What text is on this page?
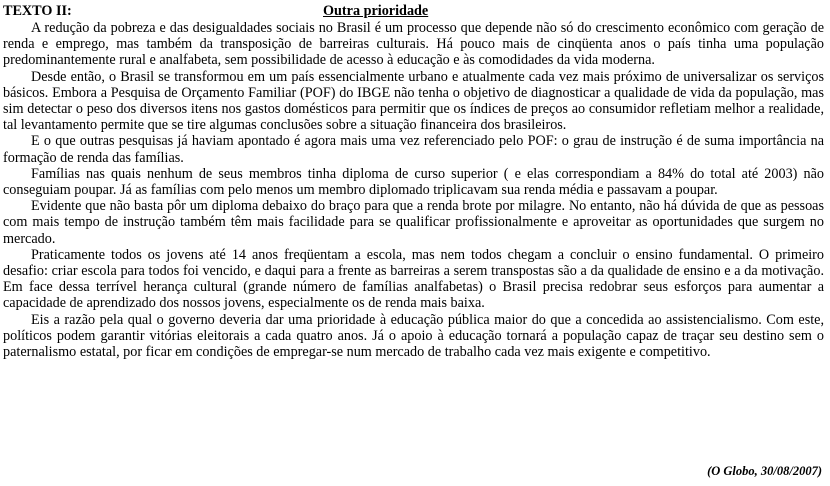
TEXTO II:	Outra prioridade

A redução da pobreza e das desigualdades sociais no Brasil é um processo que depende não só do crescimento econômico com geração de renda e emprego, mas também da transposição de barreiras culturais. Há pouco mais de cinqüenta anos o país tinha uma população predominantemente rural e analfabeta, sem possibilidade de acesso à educação e às comodidades da vida moderna.

Desde então, o Brasil se transformou em um país essencialmente urbano e atualmente cada vez mais próximo de universalizar os serviços básicos. Embora a Pesquisa de Orçamento Familiar (POF) do IBGE não tenha o objetivo de diagnosticar a qualidade de vida da população, mas sim detectar o peso dos diversos itens nos gastos domésticos para permitir que os índices de preços ao consumidor refletiam melhor a realidade, tal levantamento permite que se tire algumas conclusões sobre a situação financeira dos brasileiros.

E o que outras pesquisas já haviam apontado é agora mais uma vez referenciado pelo POF: o grau de instrução é de suma importância na formação de renda das famílias.

Famílias nas quais nenhum de seus membros tinha diploma de curso superior ( e elas correspondiam a 84% do total até 2003) não conseguiam poupar. Já as famílias com pelo menos um membro diplomado triplicavam sua renda média e passavam a poupar.

Evidente que não basta pôr um diploma debaixo do braço para que a renda brote por milagre. No entanto, não há dúvida de que as pessoas com mais tempo de instrução também têm mais facilidade para se qualificar profissionalmente e aproveitar as oportunidades que surgem no mercado.

Praticamente todos os jovens até 14 anos freqüentam a escola, mas nem todos chegam a concluir o ensino fundamental. O primeiro desafio: criar escola para todos foi vencido, e daqui para a frente as barreiras a serem transpostas são a da qualidade de ensino e a da motivação. Em face dessa terrível herança cultural (grande número de famílias analfabetas) o Brasil precisa redobrar seus esforços para aumentar a capacidade de aprendizado dos nossos jovens, especialmente os de renda mais baixa.

Eis a razão pela qual o governo deveria dar uma prioridade à educação pública maior do que a concedida ao assistencialismo. Com este, políticos podem garantir vitórias eleitorais a cada quatro anos. Já o apoio à educação tornará a população capaz de traçar seu destino sem o paternalismo estatal, por ficar em condições de empregar-se num mercado de trabalho cada vez mais exigente e competitivo.

(O Globo, 30/08/2007)
